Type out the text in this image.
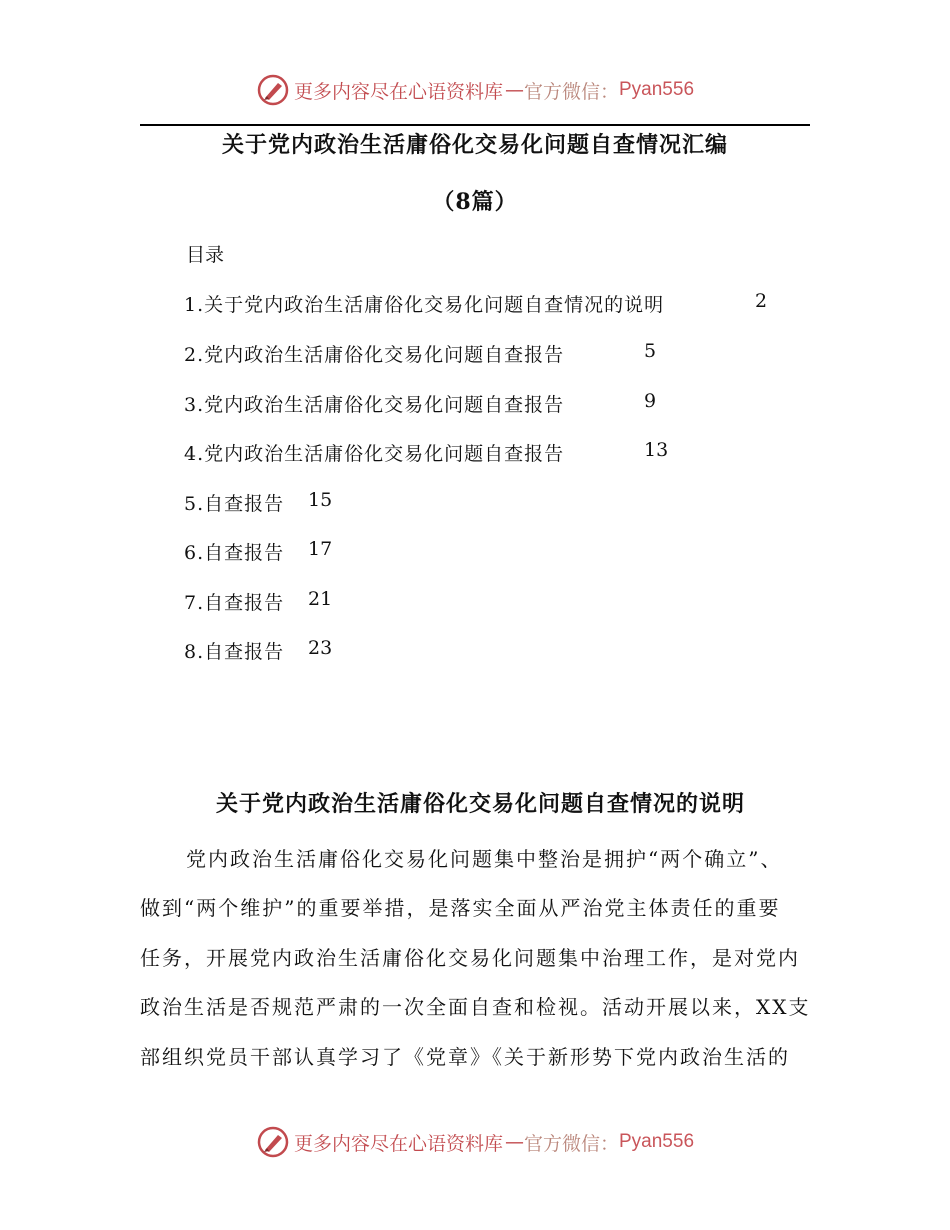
更多内容尽在心语资料库 — 官方微信： Pyan556
关于党内政治生活庸俗化交易化问题自查情况汇编
（8篇）
目录
1.关于党内政治生活庸俗化交易化问题自查情况的说明	2
2.党内政治生活庸俗化交易化问题自查报告	5
3.党内政治生活庸俗化交易化问题自查报告	9
4.党内政治生活庸俗化交易化问题自查报告	13
5.自查报告 15
6.自查报告 17
7.自查报告 21
8.自查报告 23
关于党内政治生活庸俗化交易化问题自查情况的说明
党内政治生活庸俗化交易化问题集中整治是拥护“两个确立”、
做到“两个维护”的重要举措，是落实全面从严治党主体责任的重要
任务，开展党内政治生活庸俗化交易化问题集中治理工作，是对党内
政治生活是否规范严肃的一次全面自查和检视。活动开展以来，XX支
部组织党员干部认真学习了《党章》《关于新形势下党内政治生活的
更多内容尽在心语资料库 — 官方微信： Pyan556
